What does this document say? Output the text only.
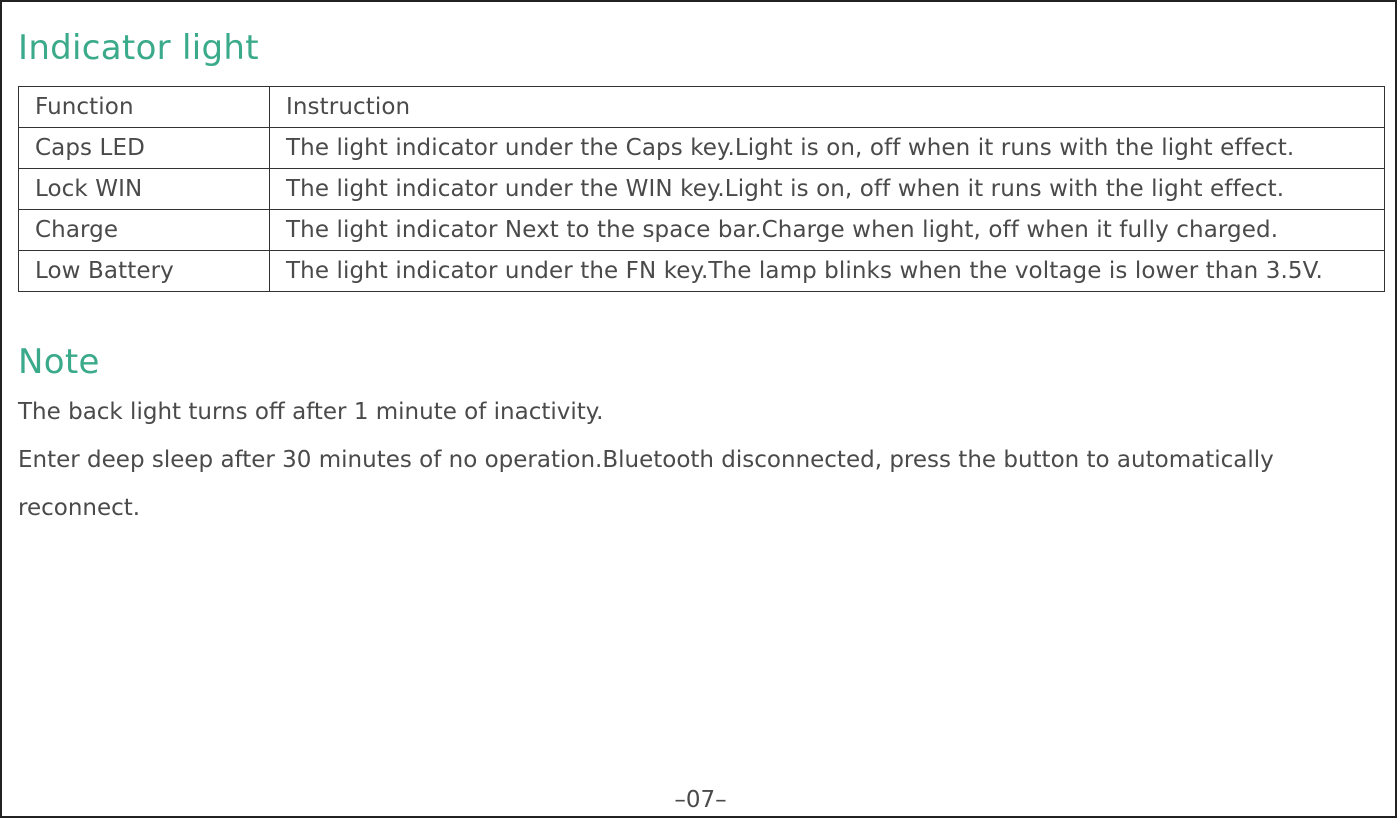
Indicator light
Function	Instruction
Caps LED	The light indicator under the Caps key.Light is on, off when it runs with the light effect.
Lock WIN	The light indicator under the WIN key.Light is on, off when it runs with the light effect.
Charge	The light indicator Next to the space bar.Charge when light, off when it fully charged.
Low Battery	The light indicator under the FN key.The lamp blinks when the voltage is lower than 3.5V.
Note

The back light turns off after 1 minute of inactivity.

Enter deep sleep after 30 minutes of no operation.Bluetooth disconnected, press the button to automatically

reconnect.

–07–
